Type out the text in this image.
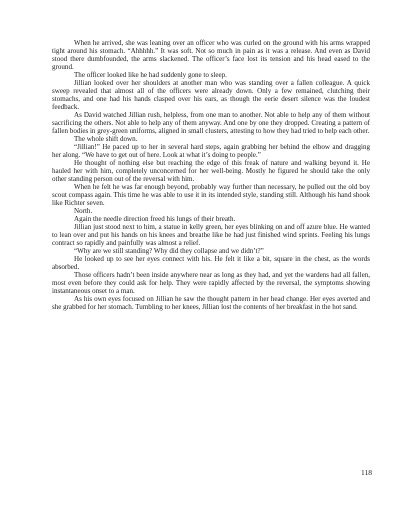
When he arrived, she was leaning over an officer who was curled on the ground with his arms wrapped tight around his stomach. “Ahhhhh.” It was soft. Not so much in pain as it was a release. And even as David stood there dumbfounded, the arms slackened. The officer’s face lost its tension and his head eased to the ground.

The officer looked like he had suddenly gone to sleep.

Jillian looked over her shoulders at another man who was standing over a fallen colleague. A quick sweep revealed that almost all of the officers were already down. Only a few remained, clutching their stomachs, and one had his hands clasped over his ears, as though the eerie desert silence was the loudest feedback.

As David watched Jillian rush, helpless, from one man to another. Not able to help any of them without sacrificing the others. Not able to help any of them anyway. And one by one they dropped. Creating a pattern of fallen bodies in grey-green uniforms, aligned in small clusters, attesting to how they had tried to help each other.

The whole shift down.

“Jillian!” He paced up to her in several hard steps, again grabbing her behind the elbow and dragging her along. “We have to get out of here. Look at what it’s doing to people.”

He thought of nothing else but reaching the edge of this freak of nature and walking beyond it. He hauled her with him, completely unconcerned for her well-being. Mostly he figured he should take the only other standing person out of the reversal with him.

When he felt he was far enough beyond, probably way further than necessary, he pulled out the old boy scout compass again. This time he was able to use it in its intended style, standing still. Although his hand shook like Richter seven.

North.

Again the needle direction freed his lungs of their breath.

Jillian just stood next to him, a statue in kelly green, her eyes blinking on and off azure blue. He wanted to lean over and put his hands on his knees and breathe like he had just finished wind sprints. Feeling his lungs contract so rapidly and painfully was almost a relief.

“Why are we still standing? Why did they collapse and we didn’t?”

He looked up to see her eyes connect with his. He felt it like a bit, square in the chest, as the words absorbed.

Those officers hadn’t been inside anywhere near as long as they had, and yet the wardens had all fallen, most even before they could ask for help. They were rapidly affected by the reversal, the symptoms showing instantaneous onset to a man.

As his own eyes focused on Jillian he saw the thought pattern in her head change. Her eyes averted and she grabbed for her stomach. Tumbling to her knees, Jillian lost the contents of her breakfast in the hot sand.

118
